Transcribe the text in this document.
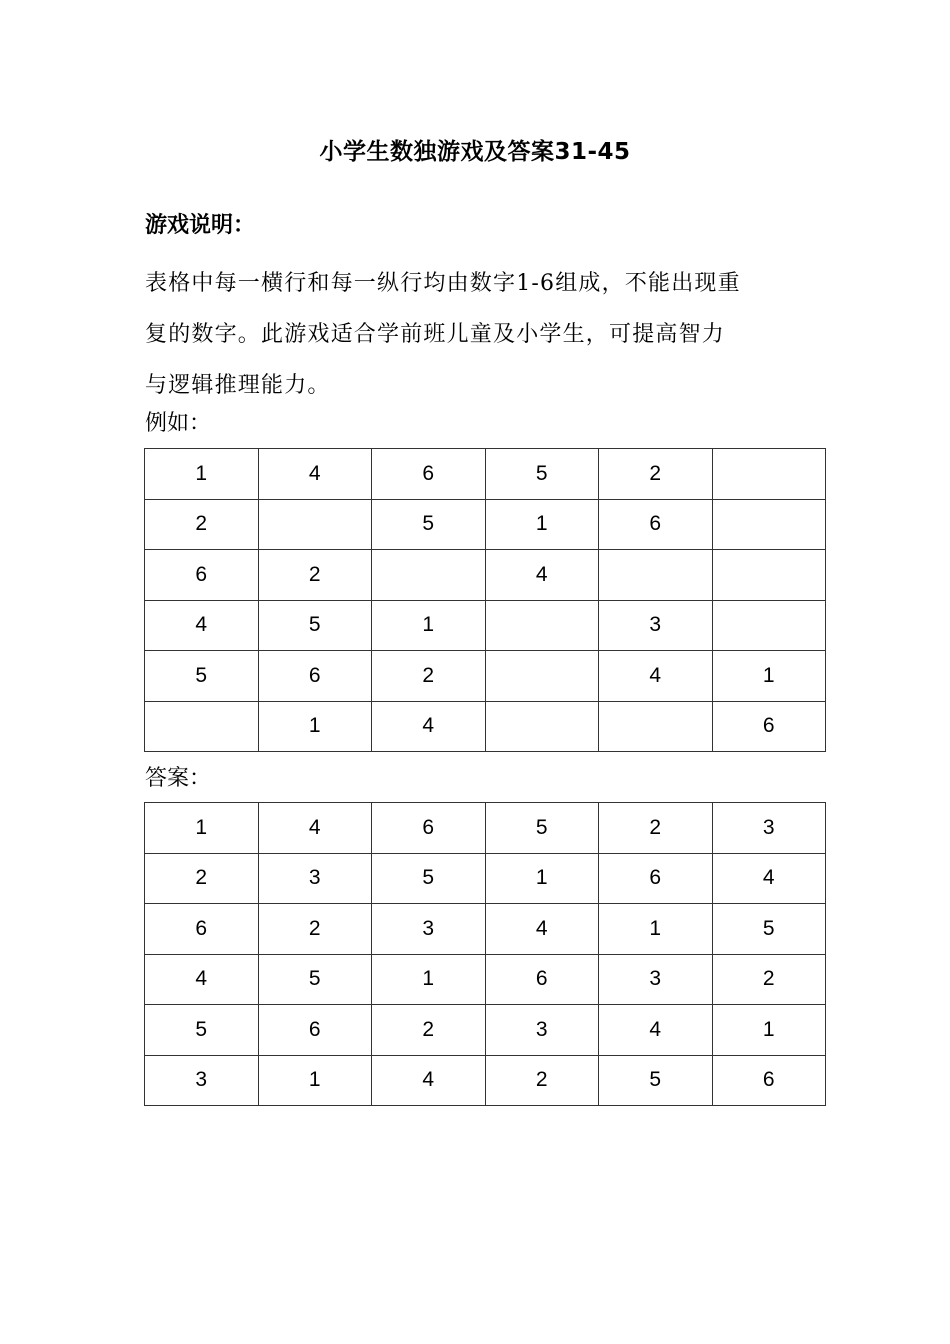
小学生数独游戏及答案31-45
游戏说明：

表格中每一横行和每一纵行均由数字1-6组成，不能出现重

复的数字。此游戏适合学前班儿童及小学生，可提高智力

与逻辑推理能力。

例如：
1	4	6	5	2	
2		5	1	6	
6	2		4		
4	5	1		3	
5	6	2		4	1
	1	4			6
答案：
1	4	6	5	2	3
2	3	5	1	6	4
6	2	3	4	1	5
4	5	1	6	3	2
5	6	2	3	4	1
3	1	4	2	5	6
